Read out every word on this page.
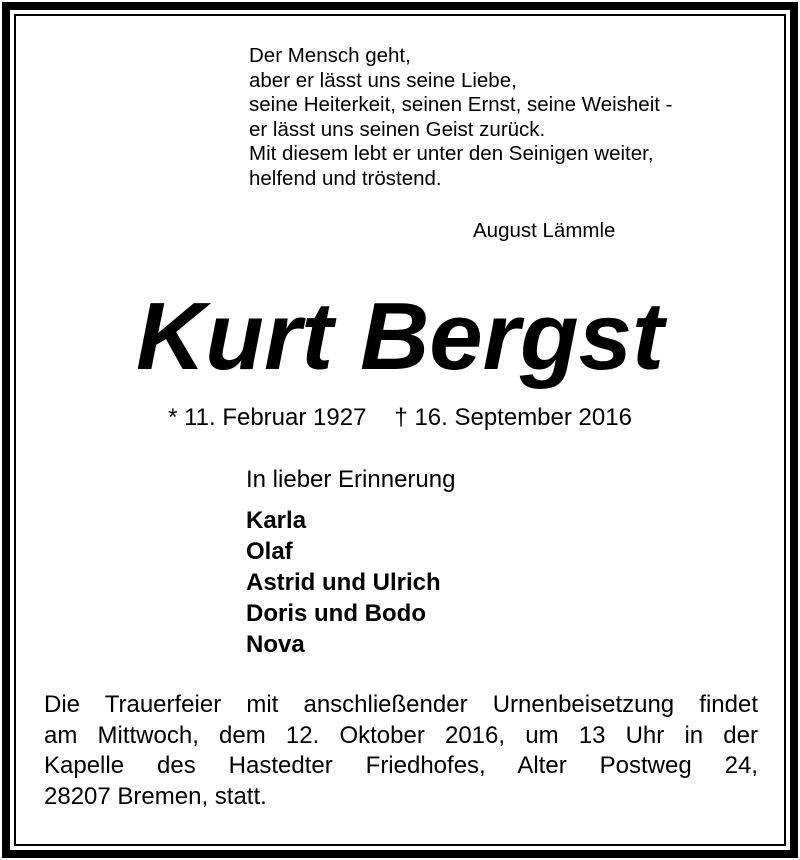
Der Mensch geht,
aber er lässt uns seine Liebe,
seine Heiterkeit, seinen Ernst, seine Weisheit -
er lässt uns seinen Geist zurück.
Mit diesem lebt er unter den Seinigen weiter,
helfend und tröstend.
August Lämmle
Kurt Bergst
* 11. Februar 1927 † 16. September 2016
In lieber Erinnerung
Karla
Olaf
Astrid und Ulrich
Doris und Bodo
Nova
Die Trauerfeier mit anschließender Urnenbeisetzung findet
am Mittwoch, dem 12. Oktober 2016, um 13 Uhr in der
Kapelle des Hastedter Friedhofes, Alter Postweg 24,
28207 Bremen, statt.
